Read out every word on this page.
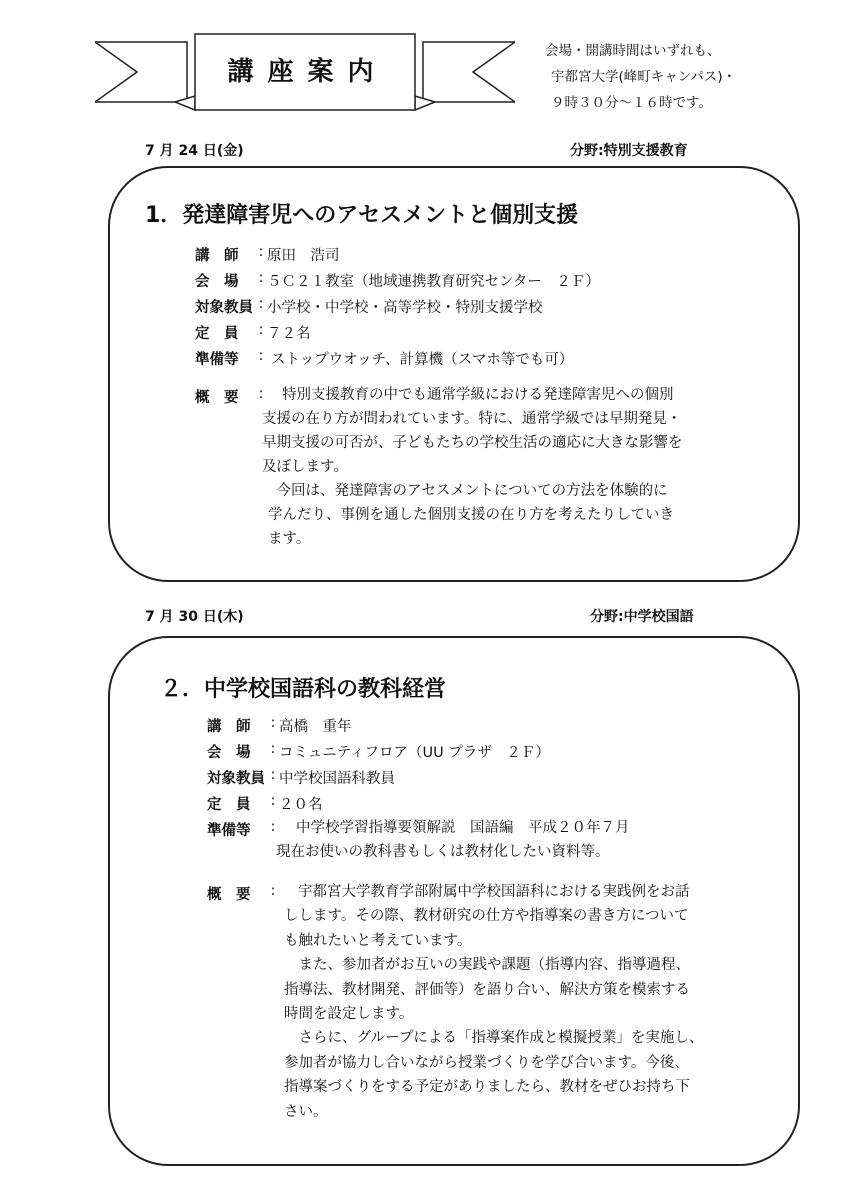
講座案内
会場・開講時間はいずれも、
宇都宮大学(峰町キャンパス)・
９時３０分～１６時です。
7 月 24 日(金)	分野:特別支援教育
1．発達障害児へのアセスメントと個別支援
講　師	: 原田　浩司
会　場	: ５Ｃ２１教室（地域連携教育研究センター　２Ｆ）
対象教員 : 小学校・中学校・高等学校・特別支援学校
定　員	: ７２名
準備等	: ストップウオッチ、計算機（スマホ等でも可）
概　要	:	特別支援教育の中でも通常学級における発達障害児への個別
支援の在り方が問われています。特に、通常学級では早期発見・
早期支援の可否が、子どもたちの学校生活の適応に大きな影響を
及ぼします。
　今回は、発達障害のアセスメントについての方法を体験的に
学んだり、事例を通した個別支援の在り方を考えたりしていき
ます。
7 月 30 日(木)	分野:中学校国語
２．中学校国語科の教科経営
講　師	: 高橋　重年
会　場	: コミュニティフロア（UU プラザ　２Ｆ）
対象教員 : 中学校国語科教員
定　員	: ２０名
準備等	:	中学校学習指導要領解説　国語編　平成２０年７月
現在お使いの教科書もしくは教材化したい資料等。
概　要	:	宇都宮大学教育学部附属中学校国語科における実践例をお話
しします。その際、教材研究の仕方や指導案の書き方について
も触れたいと考えています。
　また、参加者がお互いの実践や課題（指導内容、指導過程、
指導法、教材開発、評価等）を語り合い、解決方策を模索する
時間を設定します。
　さらに、グループによる「指導案作成と模擬授業」を実施し、
参加者が協力し合いながら授業づくりを学び合います。今後、
指導案づくりをする予定がありましたら、教材をぜひお持ち下
さい。
